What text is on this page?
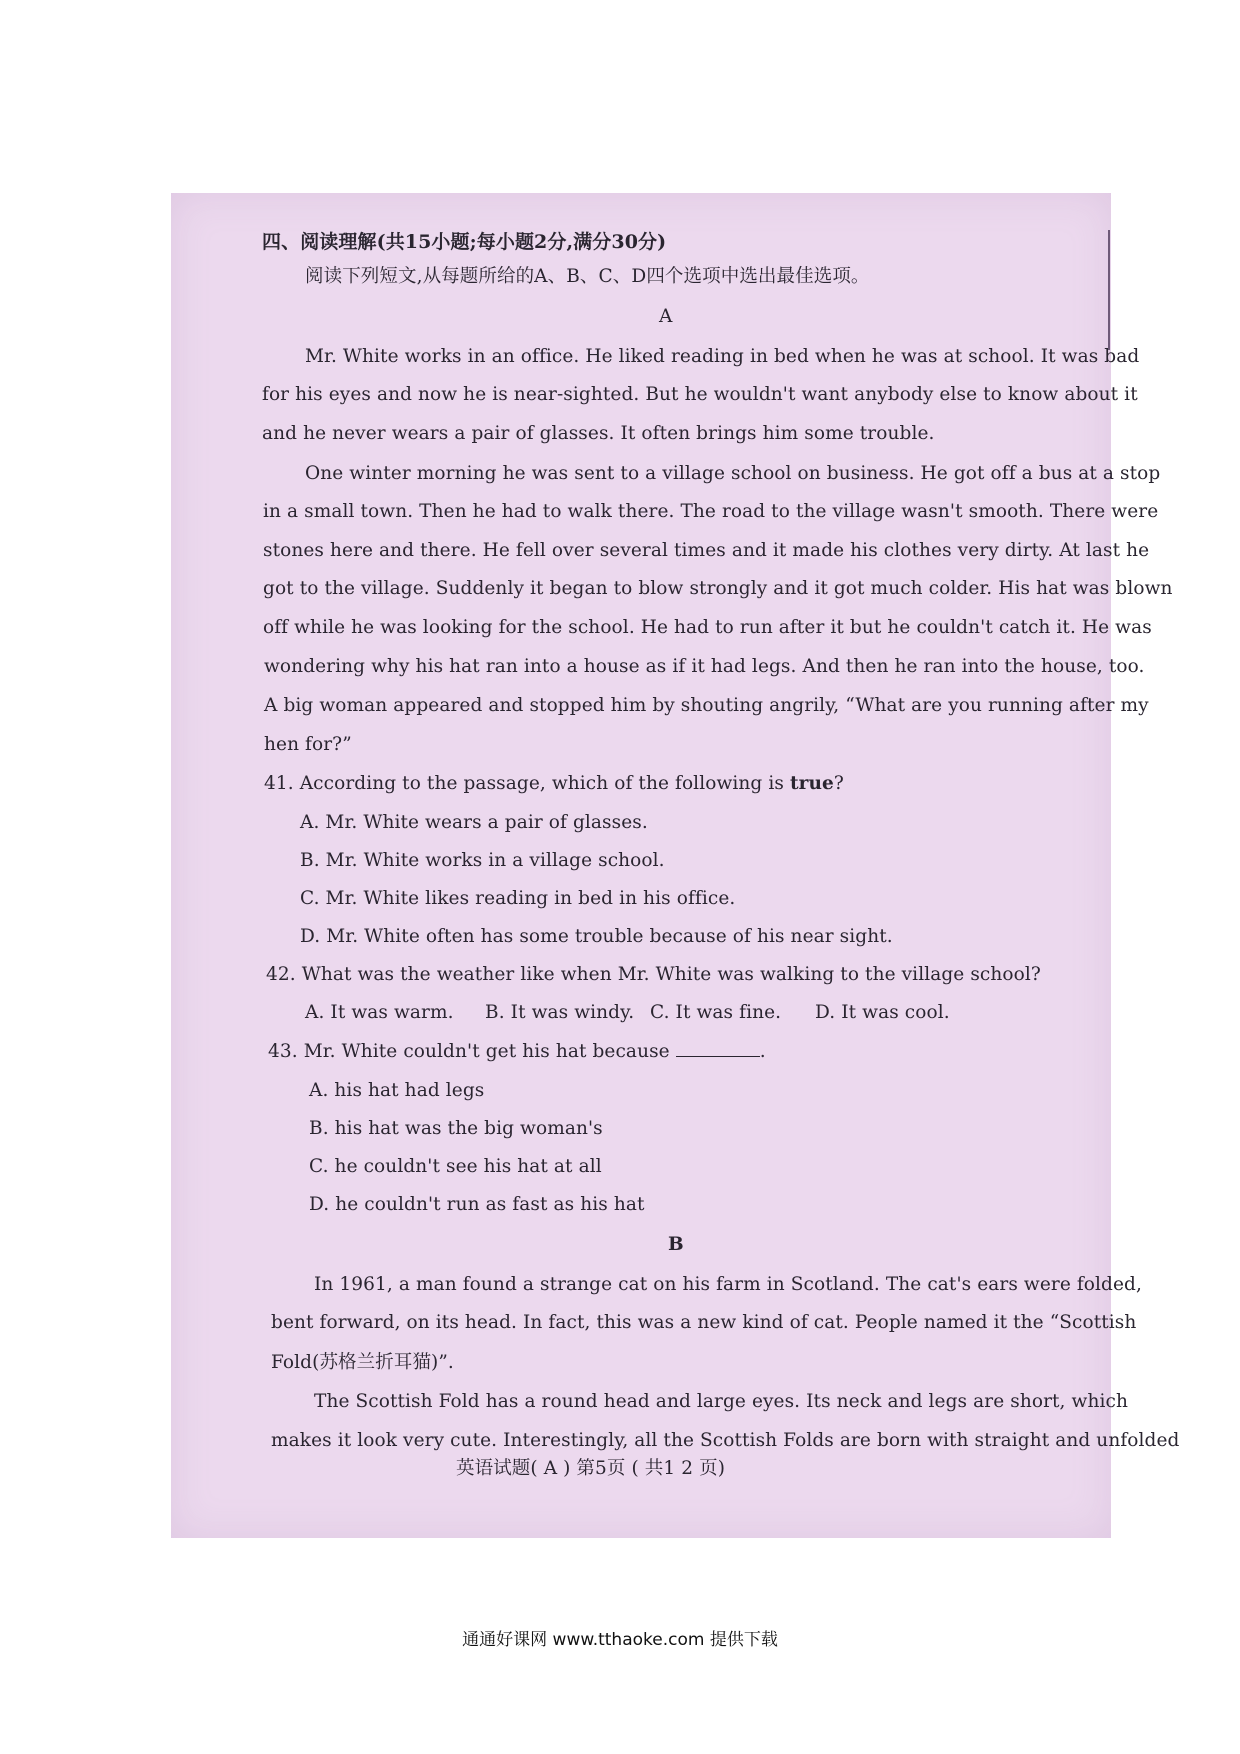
四、阅读理解(共15小题;每小题2分,满分30分)
阅读下列短文,从每题所给的A、B、C、D四个选项中选出最佳选项。
A
Mr. White works in an office. He liked reading in bed when he was at school. It was bad
for his eyes and now he is near-sighted. But he wouldn't want anybody else to know about it
and he never wears a pair of glasses. It often brings him some trouble.
One winter morning he was sent to a village school on business. He got off a bus at a stop
in a small town. Then he had to walk there. The road to the village wasn't smooth. There were
stones here and there. He fell over several times and it made his clothes very dirty. At last he
got to the village. Suddenly it began to blow strongly and it got much colder. His hat was blown
off while he was looking for the school. He had to run after it but he couldn't catch it. He was
wondering why his hat ran into a house as if it had legs. And then he ran into the house, too.
A big woman appeared and stopped him by shouting angrily, “What are you running after my
hen for?”
41. According to the passage, which of the following is true?
A. Mr. White wears a pair of glasses.
B. Mr. White works in a village school.
C. Mr. White likes reading in bed in his office.
D. Mr. White often has some trouble because of his near sight.
42. What was the weather like when Mr. White was walking to the village school?
A. It was warm. B. It was windy. C. It was fine. D. It was cool.
43. Mr. White couldn't get his hat because	.
A. his hat had legs
B. his hat was the big woman's
C. he couldn't see his hat at all
D. he couldn't run as fast as his hat
B
In 1961, a man found a strange cat on his farm in Scotland. The cat's ears were folded,
bent forward, on its head. In fact, this was a new kind of cat. People named it the “Scottish
Fold(苏格兰折耳猫)”.
The Scottish Fold has a round head and large eyes. Its neck and legs are short, which
makes it look very cute. Interestingly, all the Scottish Folds are born with straight and unfolded
英语试题( A ) 第5页 ( 共1 2 页)
通通好课网 www.tthaoke.com 提供下载
